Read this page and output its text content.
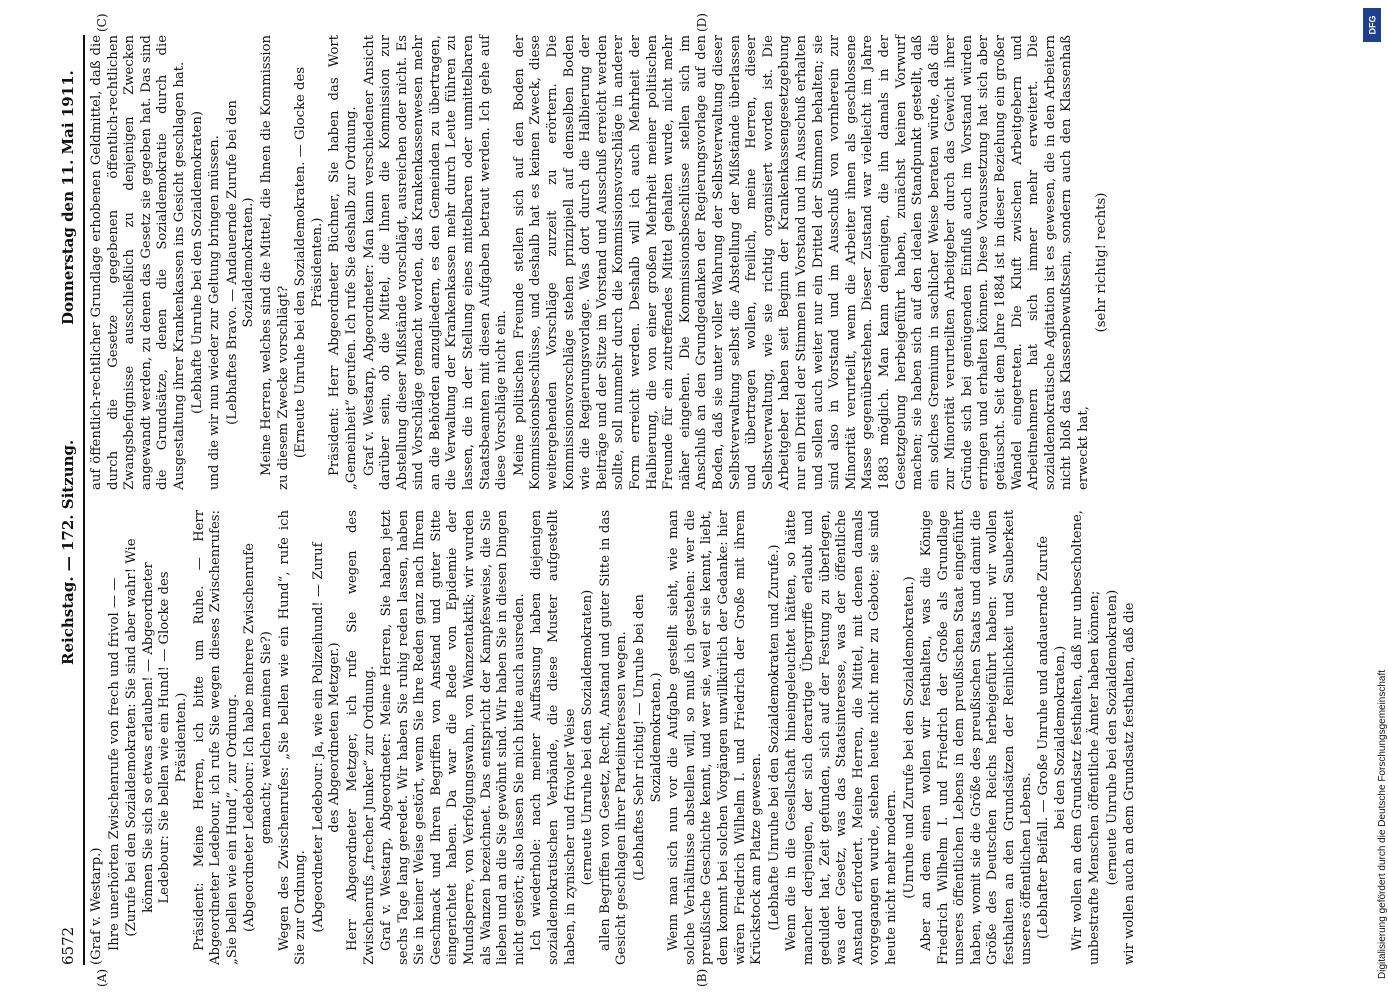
6572
Reichstag. — 172. Sitzung.
Donnerstag den 11. Mai 1911.
(A)	(B)
(C)	(D)

(Graf v. Westarp.) Ihre unerhörten Zwischenrufe von frech und frivol — — (Zurufe bei den Sozialdemokraten: Sie sind aber wahr! Wie können Sie sich so etwas erlauben! — Abgeordneter Ledebour: Sie bellen wie ein Hund! — Glocke des Präsidenten.) Präsident: Meine Herren, ich bitte um Ruhe. — Herr Abgeordneter Ledebour, ich rufe Sie wegen dieses Zwischenrufes: „Sie bellen wie ein Hund“, zur Ordnung. (Abgeordneter Ledebour: Ich habe mehrere Zwischenrufe gemacht; welchen meinen Sie?) Wegen des Zwischenrufes: „Sie bellen wie ein Hund“, rufe ich Sie zur Ordnung. (Abgeordneter Ledebour: Ja, wie ein Polizeihund! — Zuruf des Abgeordneten Metzger.) Herr Abgeordneter Metzger, ich rufe Sie wegen des Zwischenrufs „frecher Junker“ zur Ordnung. Graf v. Westarp, Abgeordneter: Meine Herren, Sie haben jetzt sechs Tage lang geredet. Wir haben Sie ruhig reden lassen, haben Sie in keiner Weise gestört, wenn Sie Ihre Reden ganz nach Ihrem Geschmack und Ihren Begriffen von Anstand und guter Sitte eingerichtet haben. Da war die Rede von Epidemie der Mundsperre, von Verfolgungswahn, von Wanzentaktik; wir wurden als Wanzen bezeichnet. Das entspricht der Kampfesweise, die Sie lieben und an die Sie gewöhnt sind. Wir haben Sie in diesen Dingen nicht gestört; also lassen Sie mich bitte auch ausreden. Ich wiederhole: nach meiner Auffassung haben diejenigen sozialdemokratischen Verbände, die diese Muster aufgestellt haben, in zynischer und frivoler Weise (erneute Unruhe bei den Sozialdemokraten) allen Begriffen von Gesetz, Recht, Anstand und guter Sitte in das Gesicht geschlagen ihrer Parteiinteressen wegen. (Lebhaftes Sehr richtig! — Unruhe bei den Sozialdemokraten.) Wenn man sich nun vor die Aufgabe gestellt sieht, wie man solche Verhältnisse abstellen will, so muß ich gestehen: wer die preußische Geschichte kennt, und wer sie, weil er sie kennt, liebt, dem kommt bei solchen Vorgängen unwillkürlich der Gedanke: hier wären Friedrich Wilhelm I. und Friedrich der Große mit ihrem Krückstock am Platze gewesen. (Lebhafte Unruhe bei den Sozialdemokraten und Zurufe.) Wenn die in die Gesellschaft hineingeleuchtet hätten, so hätte mancher derjenigen, der sich derartige Übergriffe erlaubt und geduldet hat, Zeit gefunden, sich auf der Festung zu überlegen, was der Gesetz, was das Staatsinteresse, was der öffentliche Anstand erfordert. Meine Herren, die Mittel, mit denen damals vorgegangen wurde, stehen heute nicht mehr zu Gebote; sie sind heute nicht mehr modern. (Unruhe und Zurufe bei den Sozialdemokraten.) Aber an dem einen wollen wir festhalten, was die Könige Friedrich Wilhelm I. und Friedrich der Große als Grundlage unseres öffentlichen Lebens in dem preußischen Staat eingeführt haben, womit sie die Größe des preußischen Staats und damit die Größe des Deutschen Reichs herbeigeführt haben: wir wollen festhalten an den Grundsätzen der Reinlichkeit und Sauberkeit unseres öffentlichen Lebens. (Lebhafter Beifall. — Große Unruhe und andauernde Zurufe bei den Sozialdemokraten.) Wir wollen an dem Grundsatz festhalten, daß nur unbescholtene, unbestrafte Menschen öffentliche Ämter haben können; (erneute Unruhe bei den Sozialdemokraten) wir wollen auch an dem Grundsatz festhalten, daß die

auf öffentlich-rechtlicher Grundlage erhobenen Geldmittel, daß die durch die Gesetze gegebenen öffentlich-rechtlichen Zwangsbefugnisse ausschließlich zu denjenigen Zwecken angewandt werden, zu denen das Gesetz sie gegeben hat. Das sind die Grundsätze, denen die Sozialdemokratie durch die Ausgestaltung ihrer Krankenkassen ins Gesicht geschlagen hat. (Lebhafte Unruhe bei den Sozialdemokraten) und die wir nun wieder zur Geltung bringen müssen. (Lebhaftes Bravo. — Andauernde Zurufe bei den Sozialdemokraten.) Meine Herren, welches sind die Mittel, die Ihnen die Kommission zu diesem Zwecke vorschlägt? (Erneute Unruhe bei den Sozialdemokraten. — Glocke des Präsidenten.) Präsident: Herr Abgeordneter Büchner, Sie haben das Wort „Gemeinheit“ gerufen. Ich rufe Sie deshalb zur Ordnung. Graf v. Westarp, Abgeordneter: Man kann verschiedener Ansicht darüber sein, ob die Mittel, die Ihnen die Kommission zur Abstellung dieser Mißstände vorschlägt, ausreichen oder nicht. Es sind Vorschläge gemacht worden, das Krankenkassenwesen mehr an die Behörden anzugliedern, es den Gemeinden zu übertragen, die Verwaltung der Krankenkassen mehr durch Leute führen zu lassen, die in der Stellung eines mittelbaren oder unmittelbaren Staatsbeamten mit diesen Aufgaben betraut werden. Ich gehe auf diese Vorschläge nicht ein. Meine politischen Freunde stellen sich auf den Boden der Kommissionsbeschlüsse, und deshalb hat es keinen Zweck, diese weitergehenden Vorschläge zurzeit zu erörtern. Die Kommissionsvorschläge stehen prinzipiell auf demselben Boden wie die Regierungsvorlage. Was dort durch die Halbierung der Beiträge und der Sitze im Vorstand und Ausschuß erreicht werden sollte, soll nunmehr durch die Kommissionsvorschläge in anderer Form erreicht werden. Deshalb will ich auch Mehrheit der Halbierung, die von einer großen Mehrheit meiner politischen Freunde für ein zutreffendes Mittel gehalten wurde, nicht mehr näher eingehen. Die Kommissionsbeschlüsse stellen sich im Anschluß an den Grundgedanken der Regierungsvorlage auf den Boden, daß sie unter voller Wahrung der Selbstverwaltung dieser Selbstverwaltung selbst die Abstellung der Mißstände überlassen und übertragen wollen, freilich, meine Herren, dieser Selbstverwaltung, wie sie richtig organisiert worden ist. Die Arbeitgeber haben seit Beginn der Krankenkassengesetzgebung nur ein Drittel der Stimmen im Vorstand und im Ausschuß erhalten und sollen auch weiter nur ein Drittel der Stimmen behalten; sie sind also in Vorstand und im Ausschuß von vornherein zur Minorität verurteilt, wenn die Arbeiter ihnen als geschlossene Masse gegenüberstehen. Dieser Zustand war vielleicht im Jahre 1883 möglich. Man kann denjenigen, die ihn damals in der Gesetzgebung herbeigeführt haben, zunächst keinen Vorwurf machen; sie haben sich auf den idealen Standpunkt gestellt, daß ein solches Gremium in sachlicher Weise beraten würde, daß die zur Minorität verurteilten Arbeitgeber durch das Gewicht ihrer Gründe sich bei genügenden Einfluß auch im Vorstand würden erringen und erhalten können. Diese Voraussetzung hat sich aber getäuscht. Seit dem Jahre 1884 ist in dieser Beziehung ein großer Wandel eingetreten. Die Kluft zwischen Arbeitgebern und Arbeitnehmern hat sich immer mehr erweitert. Die sozialdemokratische Agitation ist es gewesen, die in den Arbeitern nicht bloß das Klassenbewußtsein, sondern auch den Klassenhaß erweckt hat,

(sehr richtig! rechts)

Digitalisierung gefördert durch die Deutsche Forschungsgemeinschaft
DFG
